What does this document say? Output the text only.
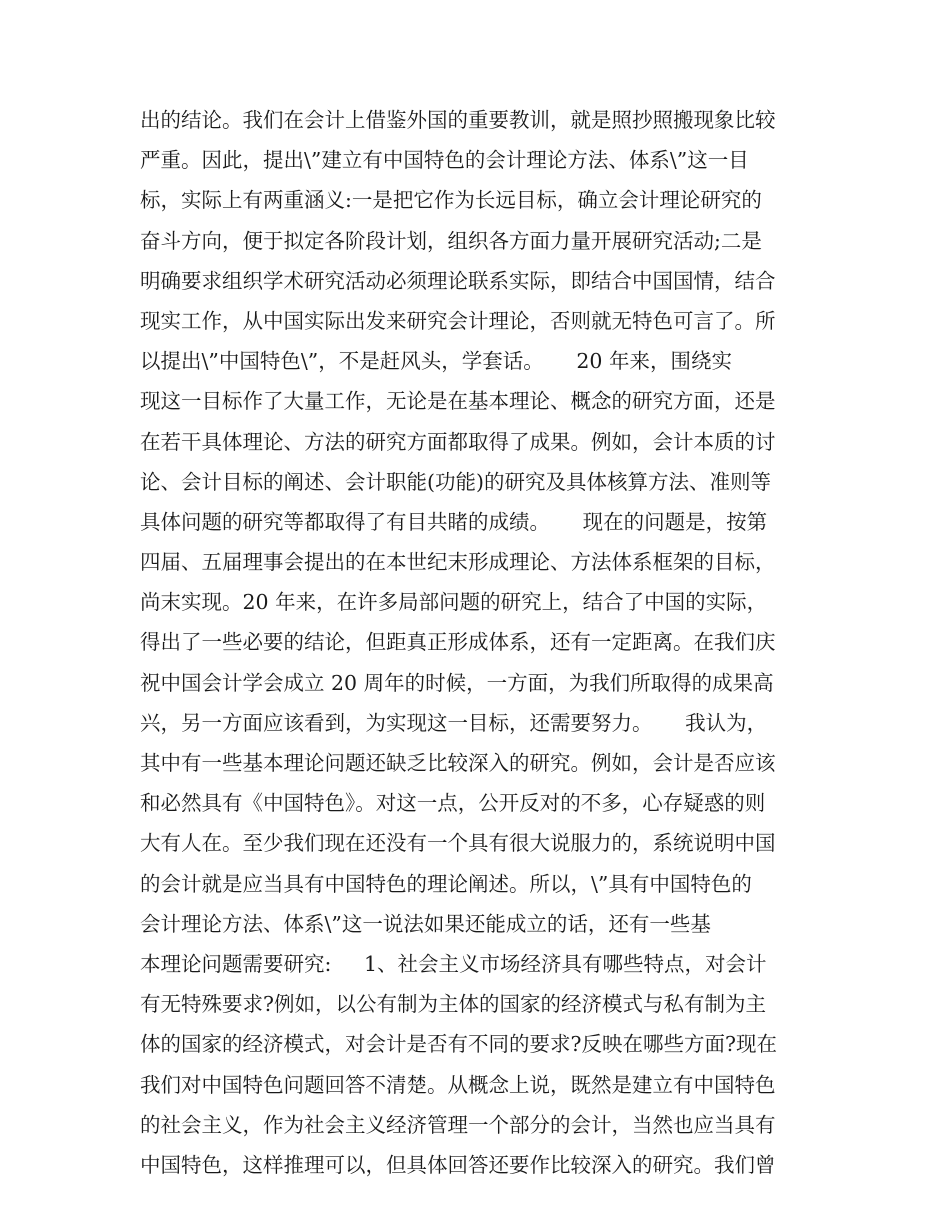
出的结论。我们在会计上借鉴外国的重要教训，就是照抄照搬现象比较
严重。因此，提出\”建立有中国特色的会计理论方法、体系\”这一目
标，实际上有两重涵义:一是把它作为长远目标，确立会计理论研究的
奋斗方向，便于拟定各阶段计划，组织各方面力量开展研究活动;二是
明确要求组织学术研究活动必须理论联系实际，即结合中国国情，结合
现实工作，从中国实际出发来研究会计理论，否则就无特色可言了。所
以提出\”中国特色\”，不是赶风头，学套话。     20 年来，围绕实
现这一目标作了大量工作，无论是在基本理论、概念的研究方面，还是
在若干具体理论、方法的研究方面都取得了成果。例如，会计本质的讨
论、会计目标的阐述、会计职能(功能)的研究及具体核算方法、准则等
具体问题的研究等都取得了有目共睹的成绩。     现在的问题是，按第
四届、五届理事会提出的在本世纪末形成理论、方法体系框架的目标，
尚末实现。20 年来，在许多局部问题的研究上，结合了中国的实际，
得出了一些必要的结论，但距真正形成体系，还有一定距离。在我们庆
祝中国会计学会成立 20 周年的时候，一方面，为我们所取得的成果高
兴，另一方面应该看到，为实现这一目标，还需要努力。     我认为，
其中有一些基本理论问题还缺乏比较深入的研究。例如，会计是否应该
和必然具有《中国特色》。对这一点，公开反对的不多，心存疑惑的则
大有人在。至少我们现在还没有一个具有很大说服力的，系统说明中国
的会计就是应当具有中国特色的理论阐述。所以，\”具有中国特色的
会计理论方法、体系\”这一说法如果还能成立的话，还有一些基
本理论问题需要研究:     1、社会主义市场经济具有哪些特点，对会计
有无特殊要求?例如，以公有制为主体的国家的经济模式与私有制为主
体的国家的经济模式，对会计是否有不同的要求?反映在哪些方面?现在
我们对中国特色问题回答不清楚。从概念上说，既然是建立有中国特色
的社会主义，作为社会主义经济管理一个部分的会计，当然也应当具有
中国特色，这样推理可以，但具体回答还要作比较深入的研究。我们曾
